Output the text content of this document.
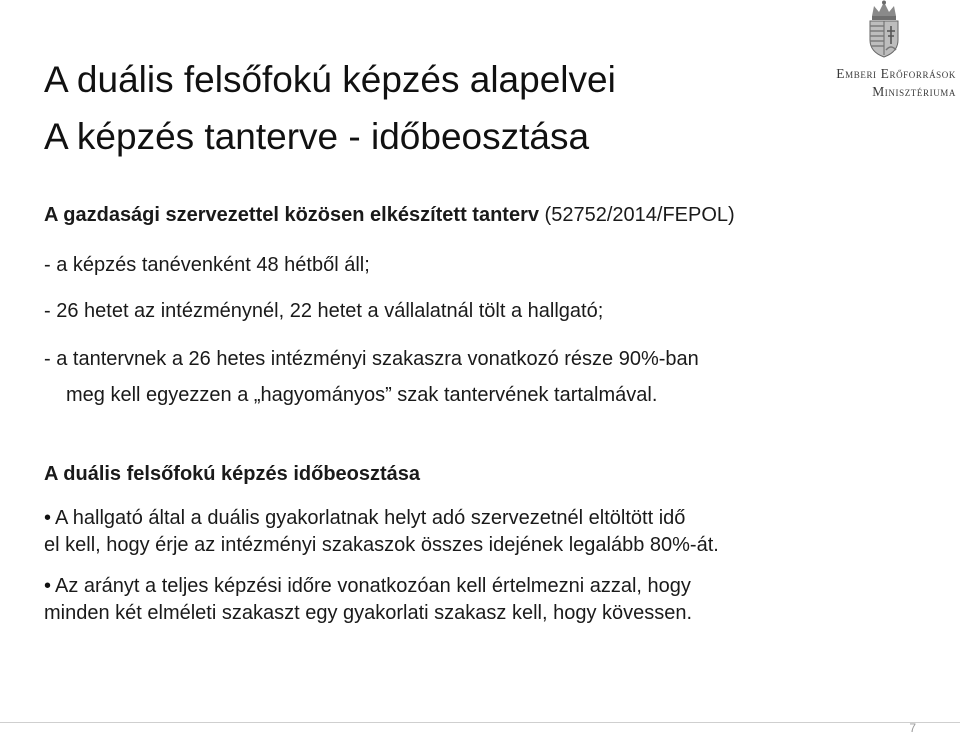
A duális felsőfokú képzés alapelvei
A képzés tanterve - időbeosztása
Emberi Erőforrások
Minisztériuma
A gazdasági szervezettel közösen elkészített tanterv (52752/2014/FEPOL)
- a képzés tanévenként 48 hétből áll;
- 26 hetet az intézménynél, 22 hetet a vállalatnál tölt a hallgató;
- a tantervnek a 26 hetes intézményi szakaszra vonatkozó része 90%-ban
meg kell egyezzen a „hagyományos” szak tantervének tartalmával.
A duális felsőfokú képzés időbeosztása
• A hallgató által a duális gyakorlatnak helyt adó szervezetnél eltöltött idő
el kell, hogy érje az intézményi szakaszok összes idejének legalább 80%-át.
• Az arányt a teljes képzési időre vonatkozóan kell értelmezni azzal, hogy
minden két elméleti szakaszt egy gyakorlati szakasz kell, hogy kövessen.
7
